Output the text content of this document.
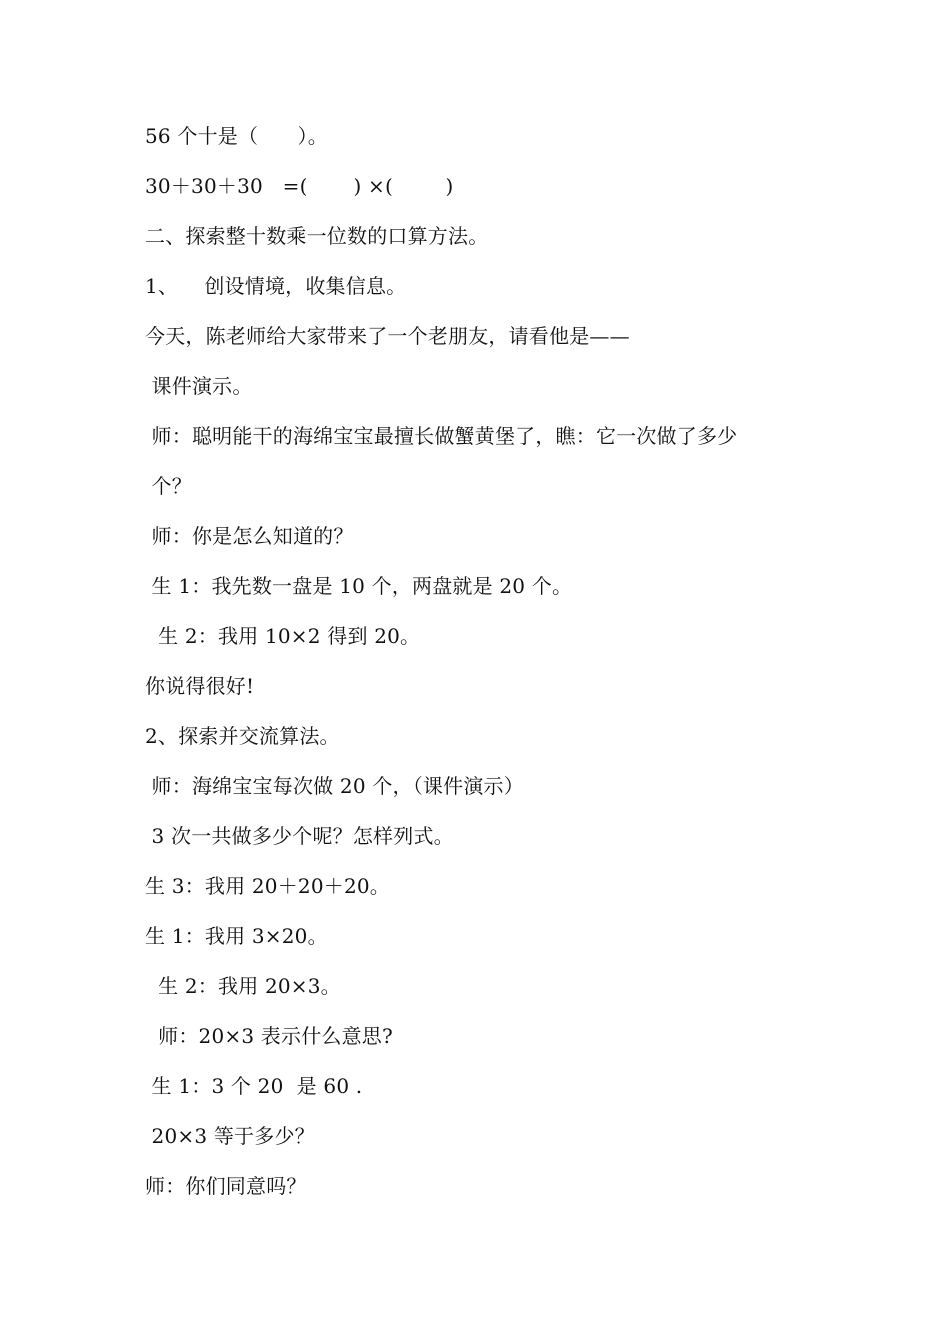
56 个十是（      ）。
30＋30＋30   =(       ) ×(        )
二、探索整十数乘一位数的口算方法。
1、    创设情境，收集信息。
今天，陈老师给大家带来了一个老朋友，请看他是——
课件演示。
师：聪明能干的海绵宝宝最擅长做蟹黄堡了，瞧：它一次做了多少
个？
师：你是怎么知道的？
生 1：我先数一盘是 10 个，两盘就是 20 个。
生 2：我用 10×2 得到 20。
你说得很好!
2、探索并交流算法。
师：海绵宝宝每次做 20 个，（课件演示）
3 次一共做多少个呢？怎样列式。
生 3：我用 20＋20＋20。
生 1：我用 3×20。
生 2：我用 20×3。
师：20×3 表示什么意思?
生 1：3 个 20  是 60 .
20×3 等于多少？
师：你们同意吗？
